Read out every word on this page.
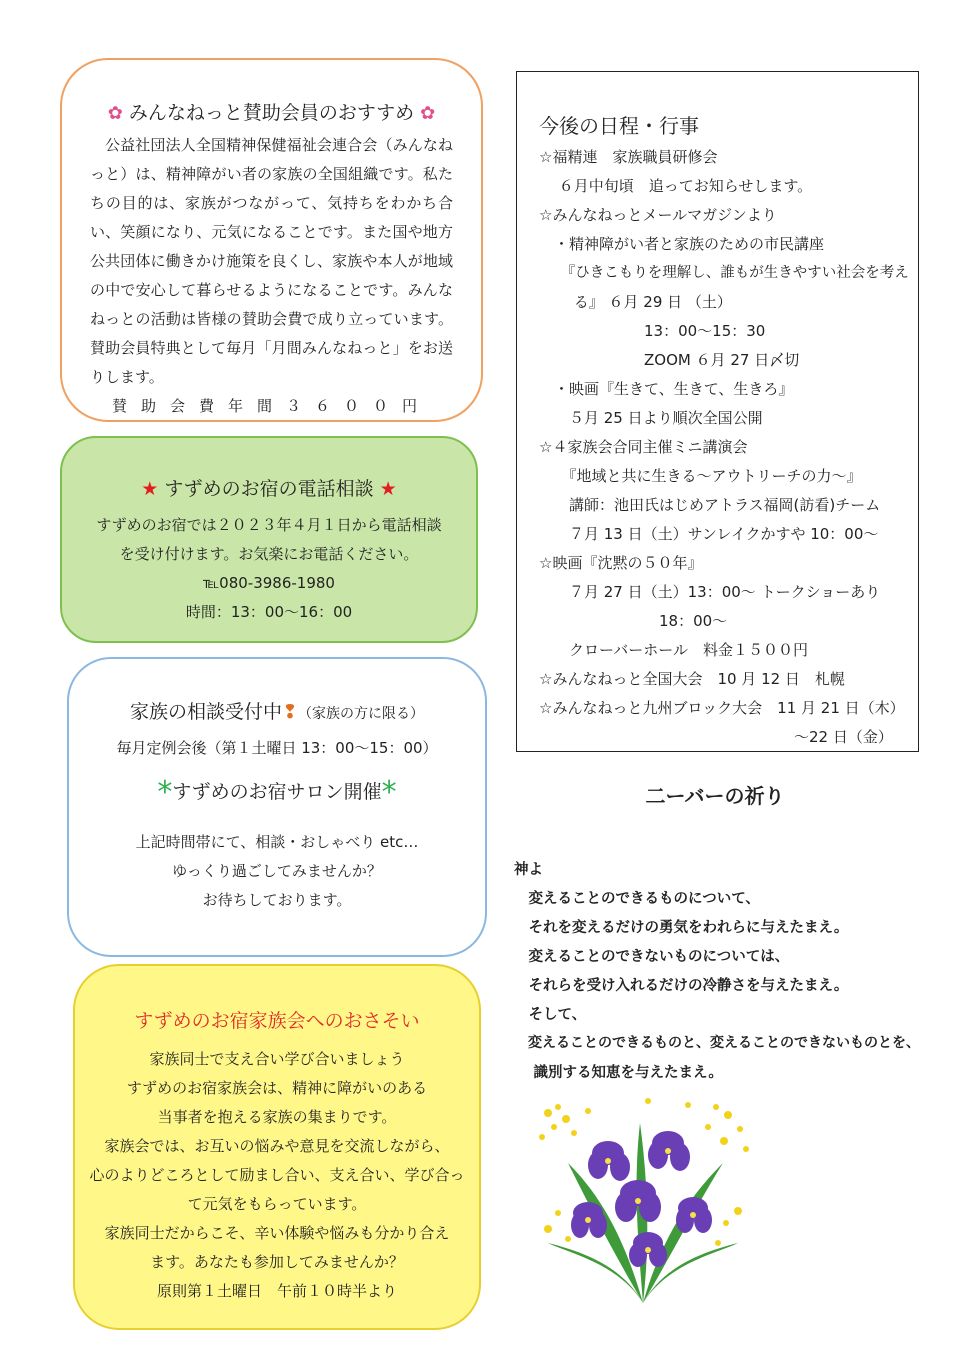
✿ みんなねっと賛助会員のおすすめ ✿

公益社団法人全国精神保健福祉会連合会（みんなねっと）は、精神障がい者の家族の全国組織です。私たちの目的は、家族がつながって、気持ちをわかち合い、笑顔になり、元気になることです。また国や地方公共団体に働きかけ施策を良くし、家族や本人が地域の中で安心して暮らせるようになることです。みんなねっとの活動は皆様の賛助会費で成り立っています。賛助会員特典として毎月「月間みんなねっと」をお送りします。

賛助会費年間３６００円

★ すずめのお宿の電話相談 ★
すずめのお宿では２０２３年４月１日から電話相談
を受け付けます。お気楽にお電話ください。
℡080-3986-1980
時間：13：00～16：00
家族の相談受付中❢（家族の方に限る）
毎月定例会後（第１土曜日 13：00～15：00）
*すずめのお宿サロン開催*
上記時間帯にて、相談・おしゃべり etc…
ゆっくり過ごしてみませんか？
お待ちしております。
すずめのお宿家族会へのおさそい
家族同士で支え合い学び合いましょう
すずめのお宿家族会は、精神に障がいのある
当事者を抱える家族の集まりです。
家族会では、お互いの悩みや意見を交流しながら、
心のよりどころとして励まし合い、支え合い、学び合っ
て元気をもらっています。
家族同士だからこそ、辛い体験や悩みも分かり合え
ます。あなたも参加してみませんか？
原則第１土曜日　午前１０時半より
今後の日程・行事
☆福精連　家族職員研修会
　 ６月中旬頃　追ってお知らせします。
☆みんなねっとメールマガジンより
　・精神障がい者と家族のための市民講座
　　『ひきこもりを理解し、誰もが生きやすい社会を考え
　　 る』 ６月 29 日 （土）
　　　　　　　13：00～15：30
　　　　　　　ZOOM ６月 27 日〆切
　・映画『生きて、生きて、生きろ』
　　５月 25 日より順次全国公開
☆４家族会合同主催ミニ講演会
　　『地域と共に生きる～アウトリーチの力～』
　　講師：池田氏はじめアトラス福岡(訪看)チーム
　　７月 13 日（土）サンレイクかすや 10：00～
☆映画『沈黙の５０年』
　　７月 27 日（土）13：00～ トークショーあり
　　　　　　　　18：00～
　　クローバーホール　料金１５００円
☆みんなねっと全国大会　10 月 12 日　札幌
☆みんなねっと九州ブロック大会　11 月 21 日（木）
　　　　　　　　　　　　　　　　　～22 日（金）
二ーバーの祈り
神よ
　変えることのできるものについて、
　それを変えるだけの勇気をわれらに与えたまえ。
　変えることのできないものについては、
　それらを受け入れるだけの冷静さを与えたまえ。
　そして、
　変えることのできるものと、変えることのできないものとを、
　 識別する知恵を与えたまえ。
